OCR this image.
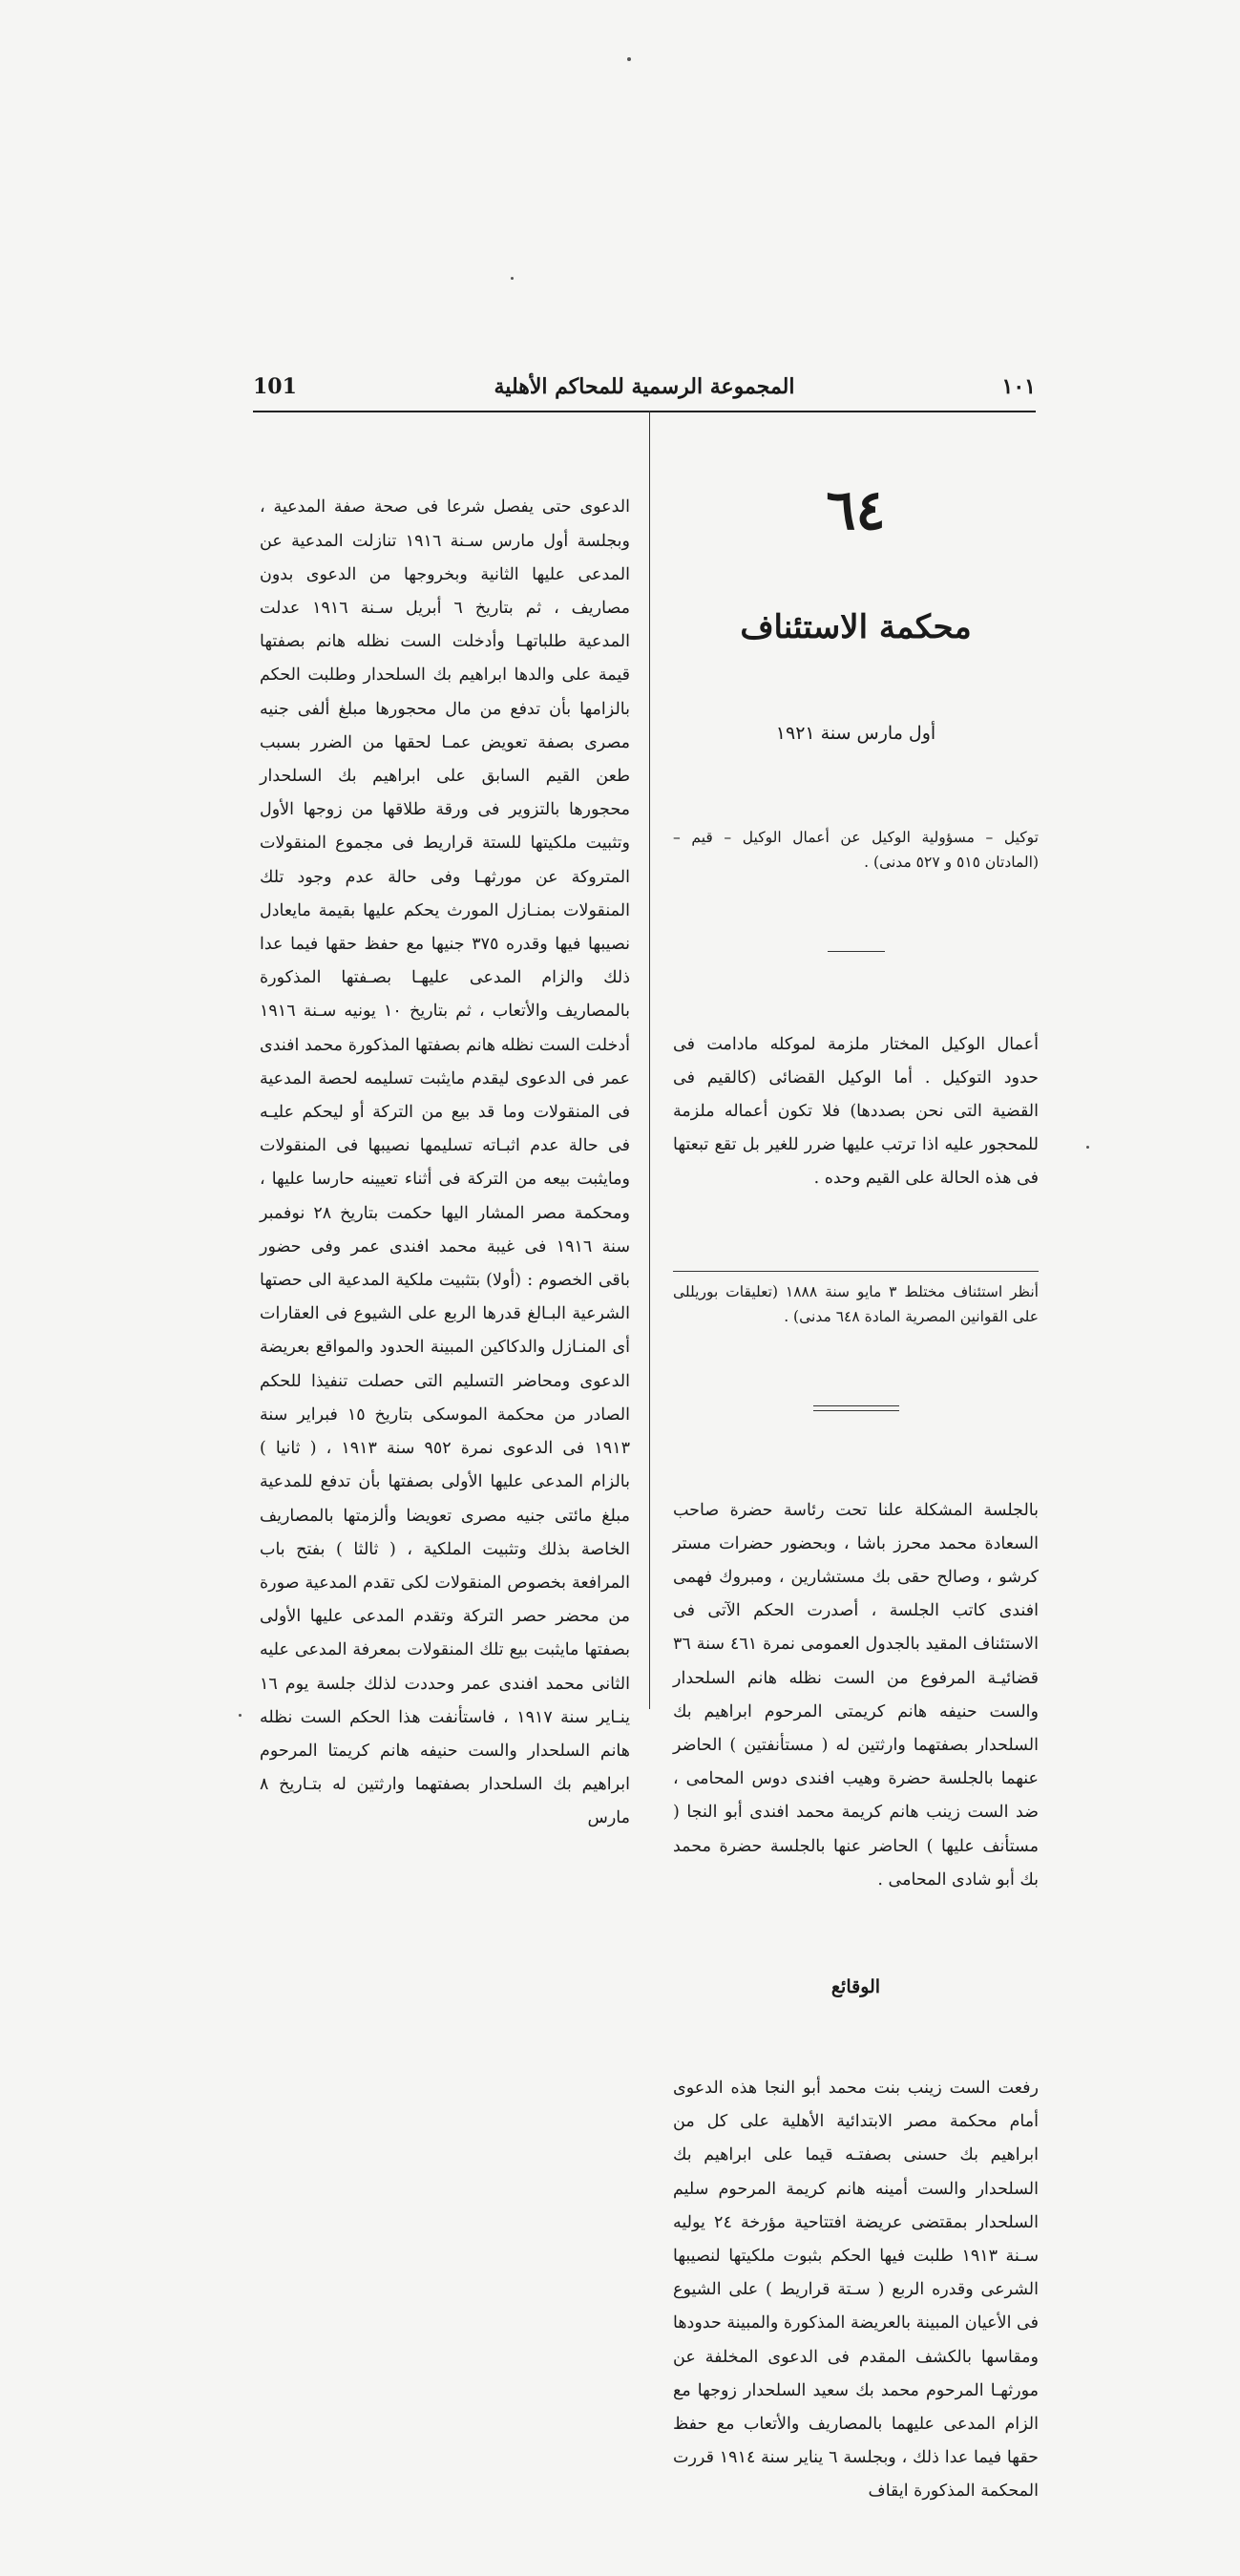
١٠١
المجموعة الرسمية للمحاكم الأهلية
101

٦٤

محكمة الاستئناف

أول مارس سنة ١٩٢١

توكيل – مسؤولية الوكيل عن أعمال الوكيل – قيم – (المادتان ٥١٥ و ٥٢٧ مدنى) .

أعمال الوكيل المختار ملزمة لموكله مادامت فى حدود التوكيل . أما الوكيل القضائى (كالقيم فى القضية التى نحن بصددها) فلا تكون أعماله ملزمة للمحجور عليه اذا ترتب عليها ضرر للغير بل تقع تبعتها فى هذه الحالة على القيم وحده .

أنظر استئناف مختلط ٣ مايو سنة ١٨٨٨ (تعليقات بوريللى على القوانين المصرية المادة ٦٤٨ مدنى) .

بالجلسة المشكلة علنا تحت رئاسة حضرة صاحب السعادة محمد محرز باشا ، وبحضور حضرات مستر كرشو ، وصالح حقى بك مستشارين ، ومبروك فهمى افندى كاتب الجلسة ، أصدرت الحكم الآتى فى الاستئناف المقيد بالجدول العمومى نمرة ٤٦١ سنة ٣٦ قضائيـة المرفوع من الست نظله هانم السلحدار والست حنيفه هانم كريمتى المرحوم ابراهيم بك السلحدار بصفتهما وارثتين له ( مستأنفتين ) الحاضر عنهما بالجلسة حضرة وهيب افندى دوس المحامى ، ضد الست زينب هانم كريمة محمد افندى أبو النجا ( مستأنف عليها ) الحاضر عنها بالجلسة حضرة محمد بك أبو شادى المحامى .

الوقائع

رفعت الست زينب بنت محمد أبو النجا هذه الدعوى أمام محكمة مصر الابتدائية الأهلية على كل من ابراهيم بك حسنى بصفتـه قيما على ابراهيم بك السلحدار والست أمينه هانم كريمة المرحوم سليم السلحدار بمقتضى عريضة افتتاحية مؤرخة ٢٤ يوليه سـنة ١٩١٣ طلبت فيها الحكم بثبوت ملكيتها لنصيبها الشرعى وقدره الربع ( سـتة قراريط ) على الشيوع فى الأعيان المبينة بالعريضة المذكورة والمبينة حدودها ومقاسها بالكشف المقدم فى الدعوى المخلفة عن مورثهـا المرحوم محمد بك سعيد السلحدار زوجها مع الزام المدعى عليهما بالمصاريف والأتعاب مع حفظ حقها فيما عدا ذلك ، وبجلسة ٦ يناير سنة ١٩١٤ قررت المحكمة المذكورة ايقاف

الدعوى حتى يفصل شرعا فى صحة صفة المدعية ، وبجلسة أول مارس سـنة ١٩١٦ تنازلت المدعية عن المدعى عليها الثانية وبخروجها من الدعوى بدون مصاريف ، ثم بتاريخ ٦ أبريل سـنة ١٩١٦ عدلت المدعية طلباتهـا وأدخلت الست نظله هانم بصفتها قيمة على والدها ابراهيم بك السلحدار وطلبت الحكم بالزامها بأن تدفع من مال محجورها مبلغ ألفى جنيه مصرى بصفة تعويض عمـا لحقها من الضرر بسبب طعن القيم السابق على ابراهيم بك السلحدار محجورها بالتزوير فى ورقة طلاقها من زوجها الأول وتثبيت ملكيتها للستة قراريط فى مجموع المنقولات المتروكة عن مورثهـا وفى حالة عدم وجود تلك المنقولات بمنـازل المورث يحكم عليها بقيمة مايعادل نصيبها فيها وقدره ٣٧٥ جنيها مع حفظ حقها فيما عدا ذلك والزام المدعى عليهـا بصـفتها المذكورة بالمصاريف والأتعاب ، ثم بتاريخ ١٠ يونيه سـنة ١٩١٦ أدخلت الست نظله هانم بصفتها المذكورة محمد افندى عمر فى الدعوى ليقدم مايثبت تسليمه لحصة المدعية فى المنقولات وما قد بيع من التركة أو ليحكم عليـه فى حالة عدم اثبـاته تسليمها نصيبها فى المنقولات ومايثبت بيعه من التركة فى أثناء تعيينه حارسا عليها ، ومحكمة مصر المشار اليها حكمت بتاريخ ٢٨ نوفمبر سنة ١٩١٦ فى غيبة محمد افندى عمر وفى حضور باقى الخصوم : (أولا) بتثبيت ملكية المدعية الى حصتها الشرعية البـالغ قدرها الربع على الشيوع فى العقارات أى المنـازل والدكاكين المبينة الحدود والمواقع بعريضة الدعوى ومحاضر التسليم التى حصلت تنفيذا للحكم الصادر من محكمة الموسكى بتاريخ ١٥ فبراير سنة ١٩١٣ فى الدعوى نمرة ٩٥٢ سنة ١٩١٣ ، ( ثانيا ) بالزام المدعى عليها الأولى بصفتها بأن تدفع للمدعية مبلغ مائتى جنيه مصرى تعويضا وألزمتها بالمصاريف الخاصة بذلك وتثبيت الملكية ، ( ثالثا ) بفتح باب المرافعة بخصوص المنقولات لكى تقدم المدعية صورة من محضر حصر التركة وتقدم المدعى عليها الأولى بصفتها مايثبت بيع تلك المنقولات بمعرفة المدعى عليه الثانى محمد افندى عمر وحددت لذلك جلسة يوم ١٦ ينـاير سنة ١٩١٧ ، فاستأنفت هذا الحكم الست نظله هانم السلحدار والست حنيفه هانم كريمتا المرحوم ابراهيم بك السلحدار بصفتهما وارثتين له بتـاريخ ٨ مارس
